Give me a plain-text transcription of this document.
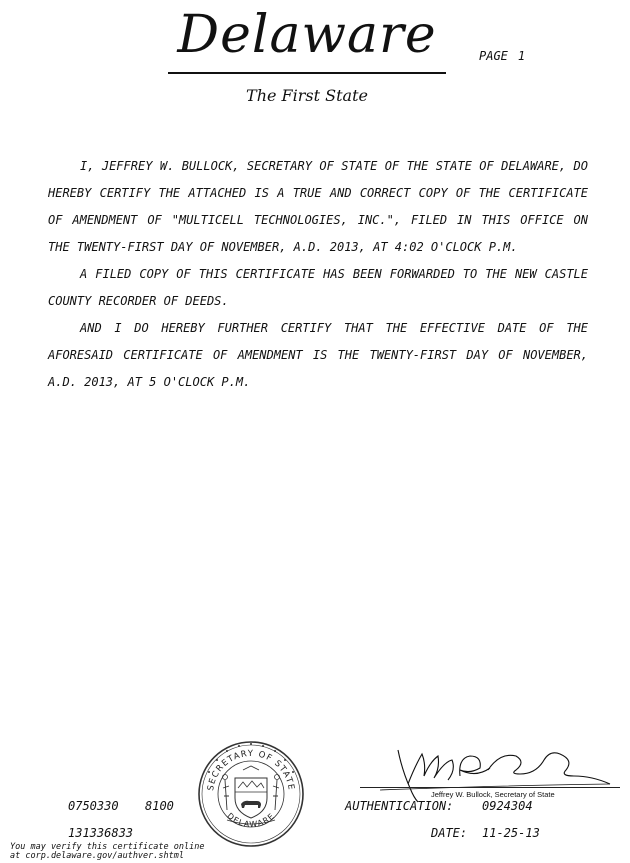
Delaware	PAGE 1
The First State

I, JEFFREY W. BULLOCK, SECRETARY OF STATE OF THE STATE OF DELAWARE, DO HEREBY CERTIFY THE ATTACHED IS A TRUE AND CORRECT COPY OF THE CERTIFICATE OF AMENDMENT OF "MULTICELL TECHNOLOGIES, INC.", FILED IN THIS OFFICE ON THE TWENTY-FIRST DAY OF NOVEMBER, A.D. 2013, AT 4:02 O'CLOCK P.M.

A FILED COPY OF THIS CERTIFICATE HAS BEEN FORWARDED TO THE NEW CASTLE COUNTY RECORDER OF DEEDS.

AND I DO HEREBY FURTHER CERTIFY THAT THE EFFECTIVE DATE OF THE AFORESAID CERTIFICATE OF AMENDMENT IS THE TWENTY-FIRST DAY OF NOVEMBER, A.D. 2013, AT 5 O'CLOCK P.M.

SECRETARY OF STATE
DELAWARE
Jeffrey W. Bullock, Secretary of State
0750330 8100
131336833
AUTHENTICATION: 0924304
DATE: 11-25-13
You may verify this certificate online
at corp.delaware.gov/authver.shtml
